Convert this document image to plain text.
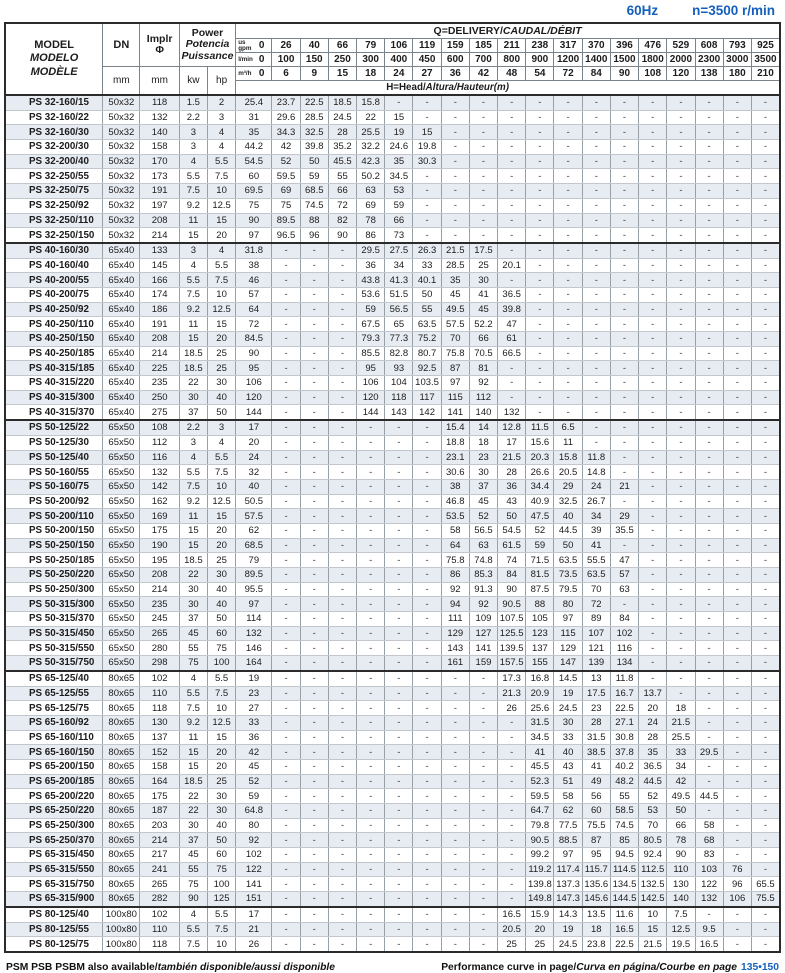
60Hz	n=3500 r/min
MODEL
MODELO
MODÈLE
	DN	
Implr
Φ

Power
Potencia
Puissance
	Q=DELIVERY/CAUDAL/DÉBIT

					us
gpm 0	26	40	66	79	106	119	159	185	211	238	317	370	396	476	529	608	793	925

					l/min 0	100	150	250	300	400	450	600	700	800	900	1200	1400	1500	1800	2000	2300	3000	3500
	mm	mm	kw	hp	m³/h 0	6	9	15	18	24	27	36	42	48	54	72	84	90	108	120	138	180	210
					H=Head/Altura/Hauteur(m)																		
PS 32-160/15	50x32	118	1.5	2	25.4	23.7	22.5	18.5	15.8	-	-	-	-	-	-	-	-	-	-	-	-	-	-
PS 32-160/22	50x32	132	2.2	3	31	29.6	28.5	24.5	22	15	-	-	-	-	-	-	-	-	-	-	-	-	-
PS 32-160/30	50x32	140	3	4	35	34.3	32.5	28	25.5	19	15	-	-	-	-	-	-	-	-	-	-	-	-
PS 32-200/30	50x32	158	3	4	44.2	42	39.8	35.2	32.2	24.6	19.8	-	-	-	-	-	-	-	-	-	-	-	-
PS 32-200/40	50x32	170	4	5.5	54.5	52	50	45.5	42.3	35	30.3	-	-	-	-	-	-	-	-	-	-	-	-
PS 32-250/55	50x32	173	5.5	7.5	60	59.5	59	55	50.2	34.5	-	-	-	-	-	-	-	-	-	-	-	-	-
PS 32-250/75	50x32	191	7.5	10	69.5	69	68.5	66	63	53	-	-	-	-	-	-	-	-	-	-	-	-	-
PS 32-250/92	50x32	197	9.2	12.5	75	75	74.5	72	69	59	-	-	-	-	-	-	-	-	-	-	-	-	-
PS 32-250/110	50x32	208	11	15	90	89.5	88	82	78	66	-	-	-	-	-	-	-	-	-	-	-	-	-
PS 32-250/150	50x32	214	15	20	97	96.5	96	90	86	73	-	-	-	-	-	-	-	-	-	-	-	-	-
PS 40-160/30	65x40	133	3	4	31.8	-	-	-	29.5	27.5	26.3	21.5	17.5	-	-	-	-	-	-	-	-	-	-
PS 40-160/40	65x40	145	4	5.5	38	-	-	-	36	34	33	28.5	25	20.1	-	-	-	-	-	-	-	-	-
PS 40-200/55	65x40	166	5.5	7.5	46	-	-	-	43.8	41.3	40.1	35	30	-	-	-	-	-	-	-	-	-	-
PS 40-200/75	65x40	174	7.5	10	57	-	-	-	53.6	51.5	50	45	41	36.5	-	-	-	-	-	-	-	-	-
PS 40-250/92	65x40	186	9.2	12.5	64	-	-	-	59	56.5	55	49.5	45	39.8	-	-	-	-	-	-	-	-	-
PS 40-250/110	65x40	191	11	15	72	-	-	-	67.5	65	63.5	57.5	52.2	47	-	-	-	-	-	-	-	-	-
PS 40-250/150	65x40	208	15	20	84.5	-	-	-	79.3	77.3	75.2	70	66	61	-	-	-	-	-	-	-	-	-
PS 40-250/185	65x40	214	18.5	25	90	-	-	-	85.5	82.8	80.7	75.8	70.5	66.5	-	-	-	-	-	-	-	-	-
PS 40-315/185	65x40	225	18.5	25	95	-	-	-	95	93	92.5	87	81	-	-	-	-	-	-	-	-	-	-
PS 40-315/220	65x40	235	22	30	106	-	-	-	106	104	103.5	97	92	-	-	-	-	-	-	-	-	-	-
PS 40-315/300	65x40	250	30	40	120	-	-	-	120	118	117	115	112	-	-	-	-	-	-	-	-	-	-
PS 40-315/370	65x40	275	37	50	144	-	-	-	144	143	142	141	140	132	-	-	-	-	-	-	-	-	-
PS 50-125/22	65x50	108	2.2	3	17	-	-	-	-	-	-	15.4	14	12.8	11.5	6.5	-	-	-	-	-	-	-
PS 50-125/30	65x50	112	3	4	20	-	-	-	-	-	-	18.8	18	17	15.6	11	-	-	-	-	-	-	-
PS 50-125/40	65x50	116	4	5.5	24	-	-	-	-	-	-	23.1	23	21.5	20.3	15.8	11.8	-	-	-	-	-	-
PS 50-160/55	65x50	132	5.5	7.5	32	-	-	-	-	-	-	30.6	30	28	26.6	20.5	14.8	-	-	-	-	-	-
PS 50-160/75	65x50	142	7.5	10	40	-	-	-	-	-	-	38	37	36	34.4	29	24	21	-	-	-	-	-
PS 50-200/92	65x50	162	9.2	12.5	50.5	-	-	-	-	-	-	46.8	45	43	40.9	32.5	26.7	-	-	-	-	-	-
PS 50-200/110	65x50	169	11	15	57.5	-	-	-	-	-	-	53.5	52	50	47.5	40	34	29	-	-	-	-	-
PS 50-200/150	65x50	175	15	20	62	-	-	-	-	-	-	58	56.5	54.5	52	44.5	39	35.5	-	-	-	-	-
PS 50-250/150	65x50	190	15	20	68.5	-	-	-	-	-	-	64	63	61.5	59	50	41	-	-	-	-	-	-
PS 50-250/185	65x50	195	18.5	25	79	-	-	-	-	-	-	75.8	74.8	74	71.5	63.5	55.5	47	-	-	-	-	-
PS 50-250/220	65x50	208	22	30	89.5	-	-	-	-	-	-	86	85.3	84	81.5	73.5	63.5	57	-	-	-	-	-
PS 50-250/300	65x50	214	30	40	95.5	-	-	-	-	-	-	92	91.3	90	87.5	79.5	70	63	-	-	-	-	-
PS 50-315/300	65x50	235	30	40	97	-	-	-	-	-	-	94	92	90.5	88	80	72	-	-	-	-	-	-
PS 50-315/370	65x50	245	37	50	114	-	-	-	-	-	-	111	109	107.5	105	97	89	84	-	-	-	-	-
PS 50-315/450	65x50	265	45	60	132	-	-	-	-	-	-	129	127	125.5	123	115	107	102	-	-	-	-	-
PS 50-315/550	65x50	280	55	75	146	-	-	-	-	-	-	143	141	139.5	137	129	121	116	-	-	-	-	-
PS 50-315/750	65x50	298	75	100	164	-	-	-	-	-	-	161	159	157.5	155	147	139	134	-	-	-	-	-
PS 65-125/40	80x65	102	4	5.5	19	-	-	-	-	-	-	-	-	17.3	16.8	14.5	13	11.8	-	-	-	-	-
PS 65-125/55	80x65	110	5.5	7.5	23	-	-	-	-	-	-	-	-	21.3	20.9	19	17.5	16.7	13.7	-	-	-	-
PS 65-125/75	80x65	118	7.5	10	27	-	-	-	-	-	-	-	-	26	25.6	24.5	23	22.5	20	18	-	-	-
PS 65-160/92	80x65	130	9.2	12.5	33	-	-	-	-	-	-	-	-	-	31.5	30	28	27.1	24	21.5	-	-	-
PS 65-160/110	80x65	137	11	15	36	-	-	-	-	-	-	-	-	-	34.5	33	31.5	30.8	28	25.5	-	-	-
PS 65-160/150	80x65	152	15	20	42	-	-	-	-	-	-	-	-	-	41	40	38.5	37.8	35	33	29.5	-	-
PS 65-200/150	80x65	158	15	20	45	-	-	-	-	-	-	-	-	-	45.5	43	41	40.2	36.5	34	-	-	-
PS 65-200/185	80x65	164	18.5	25	52	-	-	-	-	-	-	-	-	-	52.3	51	49	48.2	44.5	42	-	-	-
PS 65-200/220	80x65	175	22	30	59	-	-	-	-	-	-	-	-	-	59.5	58	56	55	52	49.5	44.5	-	-
PS 65-250/220	80x65	187	22	30	64.8	-	-	-	-	-	-	-	-	-	64.7	62	60	58.5	53	50	-	-	-
PS 65-250/300	80x65	203	30	40	80	-	-	-	-	-	-	-	-	-	79.8	77.5	75.5	74.5	70	66	58	-	-
PS 65-250/370	80x65	214	37	50	92	-	-	-	-	-	-	-	-	-	90.5	88.5	87	85	80.5	78	68	-	-
PS 65-315/450	80x65	217	45	60	102	-	-	-	-	-	-	-	-	-	99.2	97	95	94.5	92.4	90	83	-	-
PS 65-315/550	80x65	241	55	75	122	-	-	-	-	-	-	-	-	-	119.2	117.4	115.7	114.5	112.5	110	103	76	-
PS 65-315/750	80x65	265	75	100	141	-	-	-	-	-	-	-	-	-	139.8	137.3	135.6	134.5	132.5	130	122	96	65.5
PS 65-315/900	80x65	282	90	125	151	-	-	-	-	-	-	-	-	-	149.8	147.3	145.6	144.5	142.5	140	132	106	75.5
PS 80-125/40	100x80	102	4	5.5	17	-	-	-	-	-	-	-	-	16.5	15.9	14.3	13.5	11.6	10	7.5	-	-	-
PS 80-125/55	100x80	110	5.5	7.5	21	-	-	-	-	-	-	-	-	20.5	20	19	18	16.5	15	12.5	9.5	-	-
PS 80-125/75	100x80	118	7.5	10	26	-	-	-	-	-	-	-	-	25	25	24.5	23.8	22.5	21.5	19.5	16.5	-	-
PSM PSB PSBM also available/también disponible/aussi disponible	Performance curve in page/Curva en página/Courbe en page 135•150
